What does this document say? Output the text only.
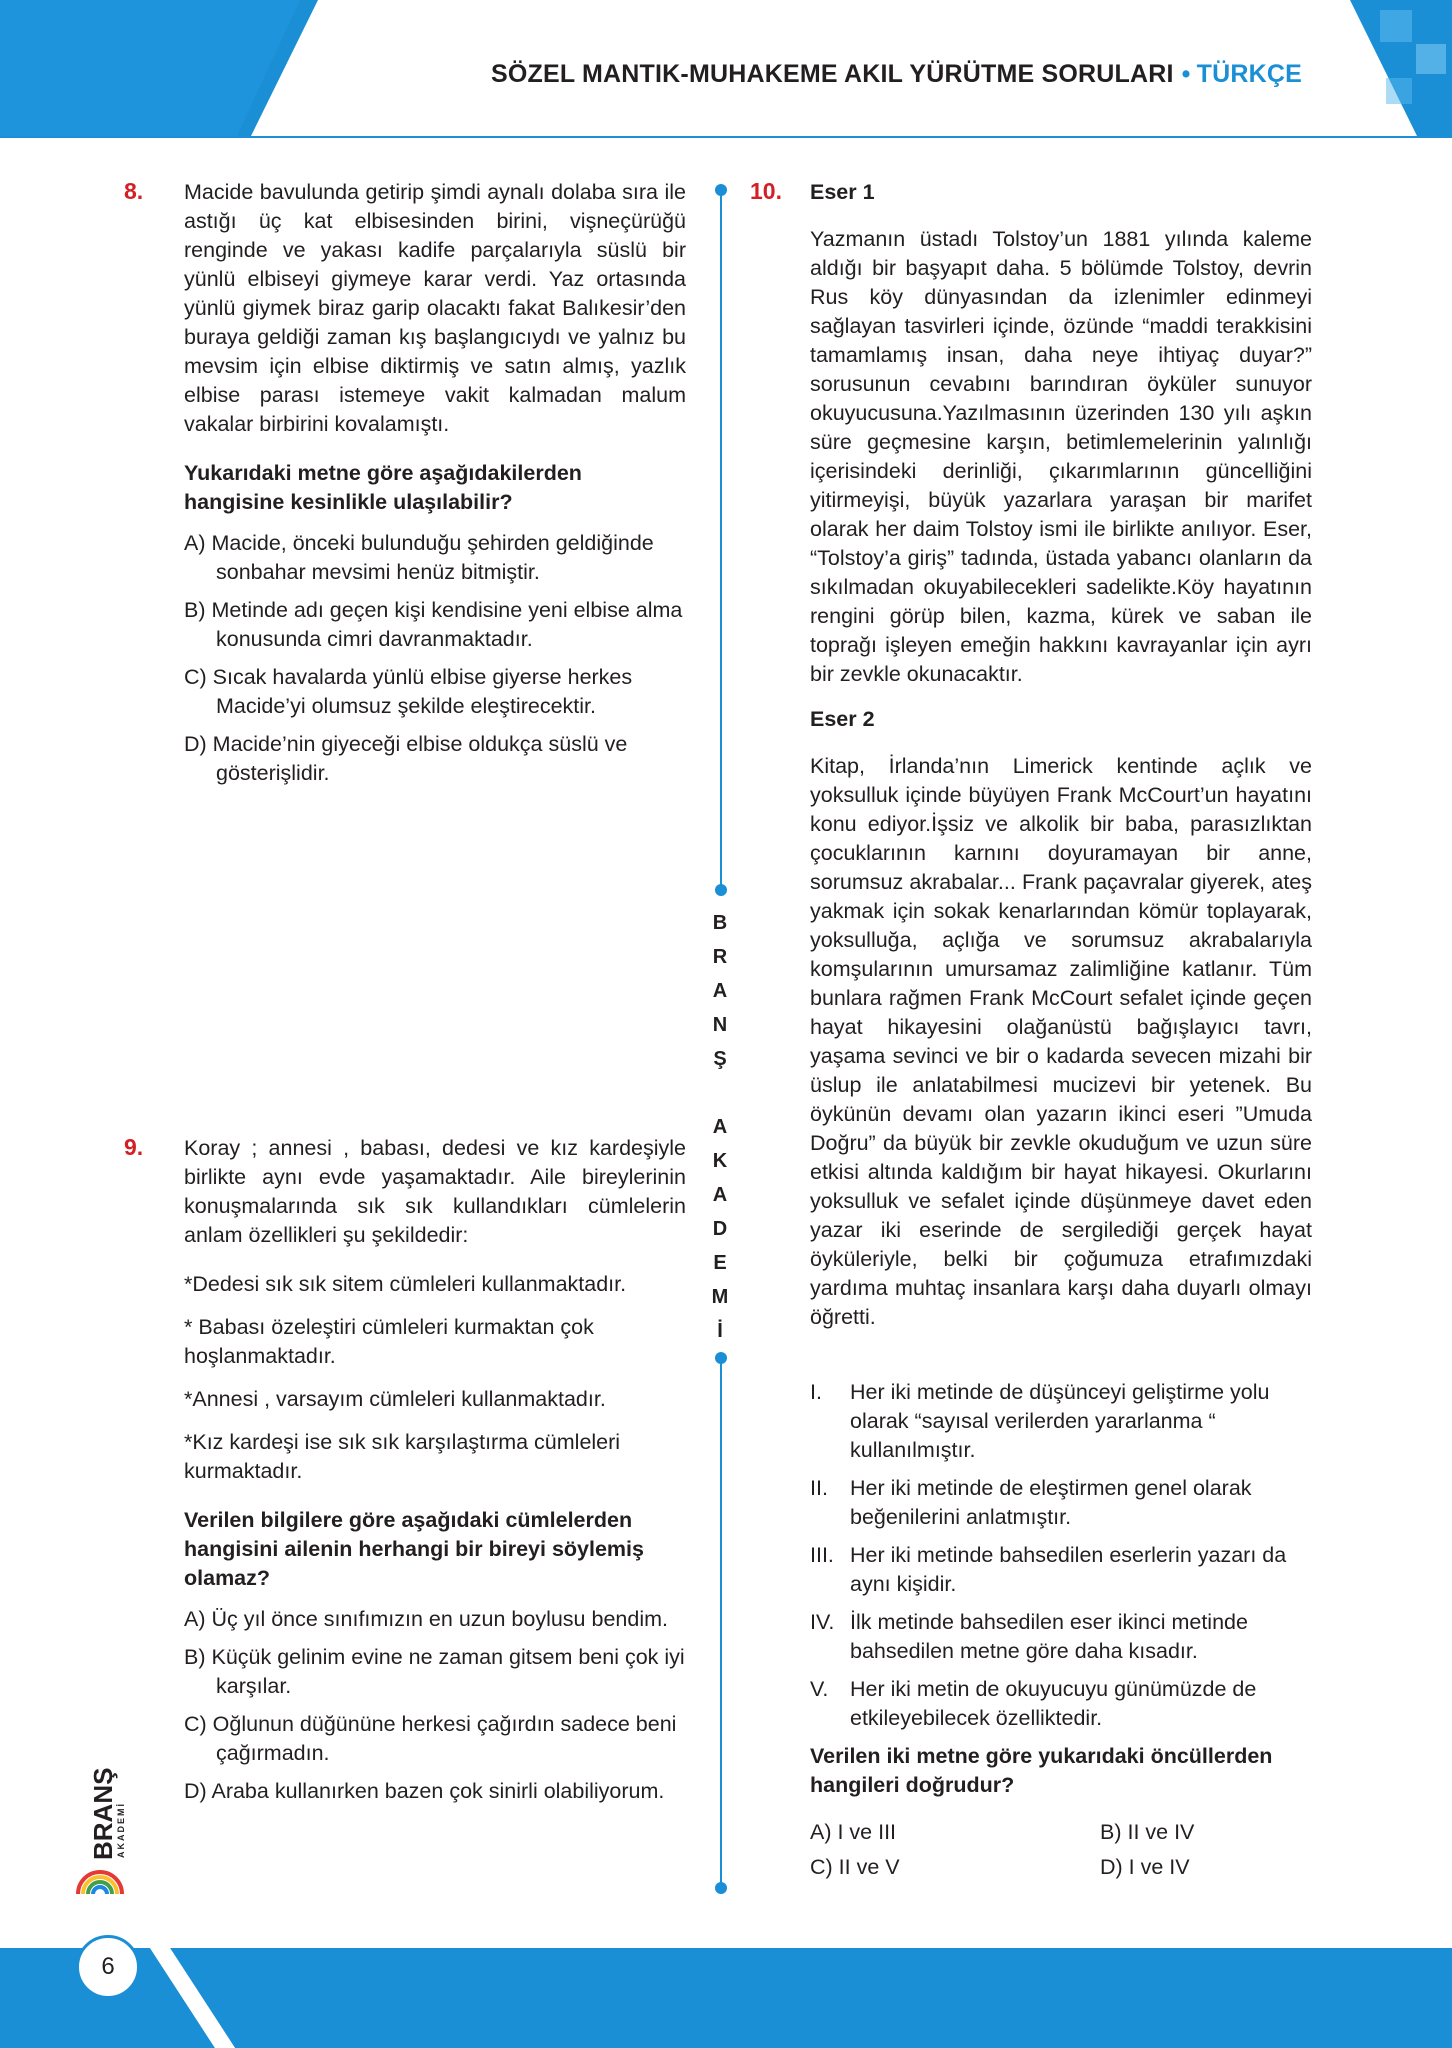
SÖZEL MANTIK-MUHAKEME AKIL YÜRÜTME SORULARI • TÜRKÇE
8. Macide bavulunda getirip şimdi aynalı dolaba sıra ile astığı üç kat elbisesinden birini, vişneçürüğü renginde ve yakası kadife parçalarıyla süslü bir yünlü elbiseyi giymeye karar verdi. Yaz ortasında yünlü giymek biraz garip olacaktı fakat Balıkesir’den buraya geldiği zaman kış başlangıcıydı ve yalnız bu mevsim için elbise diktirmiş ve satın almış, yazlık elbise parası istemeye vakit kalmadan malum vakalar birbirini kovalamıştı.

Yukarıdaki metne göre aşağıdakilerden hangisine kesinlikle ulaşılabilir?

A) Macide, önceki bulunduğu şehirden geldiğinde sonbahar mevsimi henüz bitmiştir.

B) Metinde adı geçen kişi kendisine yeni elbise alma konusunda cimri davranmaktadır.

C) Sıcak havalarda yünlü elbise giyerse herkes Macide’yi olumsuz şekilde eleştirecektir.

D) Macide’nin giyeceği elbise oldukça süslü ve gösterişlidir.

9. Koray ; annesi , babası, dedesi ve kız kardeşiyle birlikte aynı evde yaşamaktadır. Aile bireylerinin konuşmalarında sık sık kullandıkları cümlelerin anlam özellikleri şu şekildedir:

*Dedesi sık sık sitem cümleleri kullanmaktadır.

* Babası özeleştiri cümleleri kurmaktan çok hoşlanmaktadır.

*Annesi , varsayım cümleleri kullanmaktadır.

*Kız kardeşi ise sık sık karşılaştırma cümleleri kurmaktadır.

Verilen bilgilere göre aşağıdaki cümlelerden hangisini ailenin herhangi bir bireyi söylemiş olamaz?

A) Üç yıl önce sınıfımızın en uzun boylusu bendim.

B) Küçük gelinim evine ne zaman gitsem beni çok iyi karşılar.

C) Oğlunun düğününe herkesi çağırdın sadece beni çağırmadın.

D) Araba kullanırken bazen çok sinirli olabiliyorum.

B
R
A
N
Ş
A
K
A
D
E
M
İ
10. Eser 1

Yazmanın üstadı Tolstoy’un 1881 yılında kaleme aldığı bir başyapıt daha. 5 bölümde Tolstoy, devrin Rus köy dünyasından da izlenimler edinmeyi sağlayan tasvirleri içinde, özünde “maddi terakkisini tamamlamış insan, daha neye ihtiyaç duyar?” sorusunun cevabını barındıran öyküler sunuyor okuyucusuna.Yazılmasının üzerinden 130 yılı aşkın süre geçmesine karşın, betimlemelerinin yalınlığı içerisindeki derinliği, çıkarımlarının güncelliğini yitirmeyişi, büyük yazarlara yaraşan bir marifet olarak her daim Tolstoy ismi ile birlikte anılıyor. Eser, “Tolstoy’a giriş” tadında, üstada yabancı olanların da sıkılmadan okuyabilecekleri sadelikte.Köy hayatının rengini görüp bilen, kazma, kürek ve saban ile toprağı işleyen emeğin hakkını kavrayanlar için ayrı bir zevkle okunacaktır.

Eser 2

Kitap, İrlanda’nın Limerick kentinde açlık ve yoksulluk içinde büyüyen Frank McCourt’un hayatını konu ediyor.İşsiz ve alkolik bir baba, parasızlıktan çocuklarının karnını doyuramayan bir anne, sorumsuz akrabalar... Frank paçavralar giyerek, ateş yakmak için sokak kenarlarından kömür toplayarak, yoksulluğa, açlığa ve sorumsuz akrabalarıyla komşularının umursamaz zalimliğine katlanır. Tüm bunlara rağmen Frank McCourt sefalet içinde geçen hayat hikayesini olağanüstü bağışlayıcı tavrı, yaşama sevinci ve bir o kadarda sevecen mizahi bir üslup ile anlatabilmesi mucizevi bir yetenek. Bu öykünün devamı olan yazarın ikinci eseri ”Umuda Doğru” da büyük bir zevkle okuduğum ve uzun süre etkisi altında kaldığım bir hayat hikayesi. Okurlarını yoksulluk ve sefalet içinde düşünmeye davet eden yazar iki eserinde de sergilediği gerçek hayat öyküleriyle, belki bir çoğumuza etrafımızdaki yardıma muhtaç insanlara karşı daha duyarlı olmayı öğretti.

I. Her iki metinde de düşünceyi geliştirme yolu olarak “sayısal verilerden yararlanma “ kullanılmıştır.
II. Her iki metinde de eleştirmen genel olarak beğenilerini anlatmıştır.
III. Her iki metinde bahsedilen eserlerin yazarı da aynı kişidir.
IV. İlk metinde bahsedilen eser ikinci metinde bahsedilen metne göre daha kısadır.
V. Her iki metin de okuyucuyu günümüzde de etkileyebilecek özelliktedir.

Verilen iki metne göre yukarıdaki öncüllerden hangileri doğrudur?

A) I ve III	B) II ve IV
C) II ve V	D) I ve IV
BRANŞ
AKADEMİ
6
